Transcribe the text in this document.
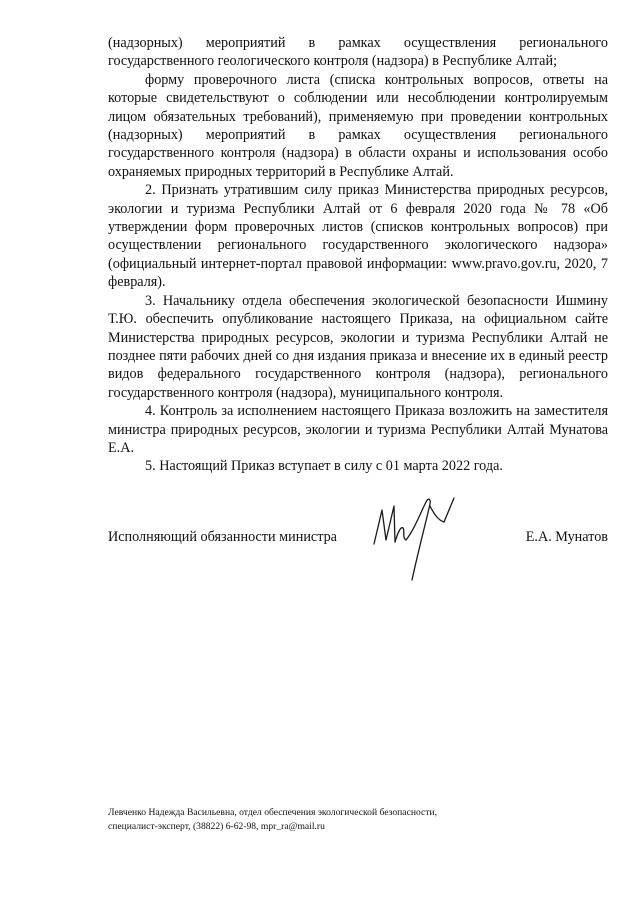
(надзорных) мероприятий в рамках осуществления регионального государственного геологического контроля (надзора) в Республике Алтай;

форму проверочного листа (списка контрольных вопросов, ответы на которые свидетельствуют о соблюдении или несоблюдении контролируемым лицом обязательных требований), применяемую при проведении контрольных (надзорных) мероприятий в рамках осуществления регионального государственного контроля (надзора) в области охраны и использования особо охраняемых природных территорий в Республике Алтай.

2. Признать утратившим силу приказ Министерства природных ресурсов, экологии и туризма Республики Алтай от 6 февраля 2020 года № 78 «Об утверждении форм проверочных листов (списков контрольных вопросов) при осуществлении регионального государственного экологического надзора» (официальный интернет-портал правовой информации: www.pravo.gov.ru, 2020, 7 февраля).

3. Начальнику отдела обеспечения экологической безопасности Ишмину Т.Ю. обеспечить опубликование настоящего Приказа, на официальном сайте Министерства природных ресурсов, экологии и туризма Республики Алтай не позднее пяти рабочих дней со дня издания приказа и внесение их в единый реестр видов федерального государственного контроля (надзора), регионального государственного контроля (надзора), муниципального контроля.

4. Контроль за исполнением настоящего Приказа возложить на заместителя министра природных ресурсов, экологии и туризма Республики Алтай Мунатова Е.А.

5. Настоящий Приказ вступает в силу с 01 марта 2022 года.

Исполняющий обязанности министра	Е.А. Мунатов
Левченко Надежда Васильевна, отдел обеспечения экологической безопасности,
специалист-эксперт, (38822) 6-62-98, mpr_ra@mail.ru
